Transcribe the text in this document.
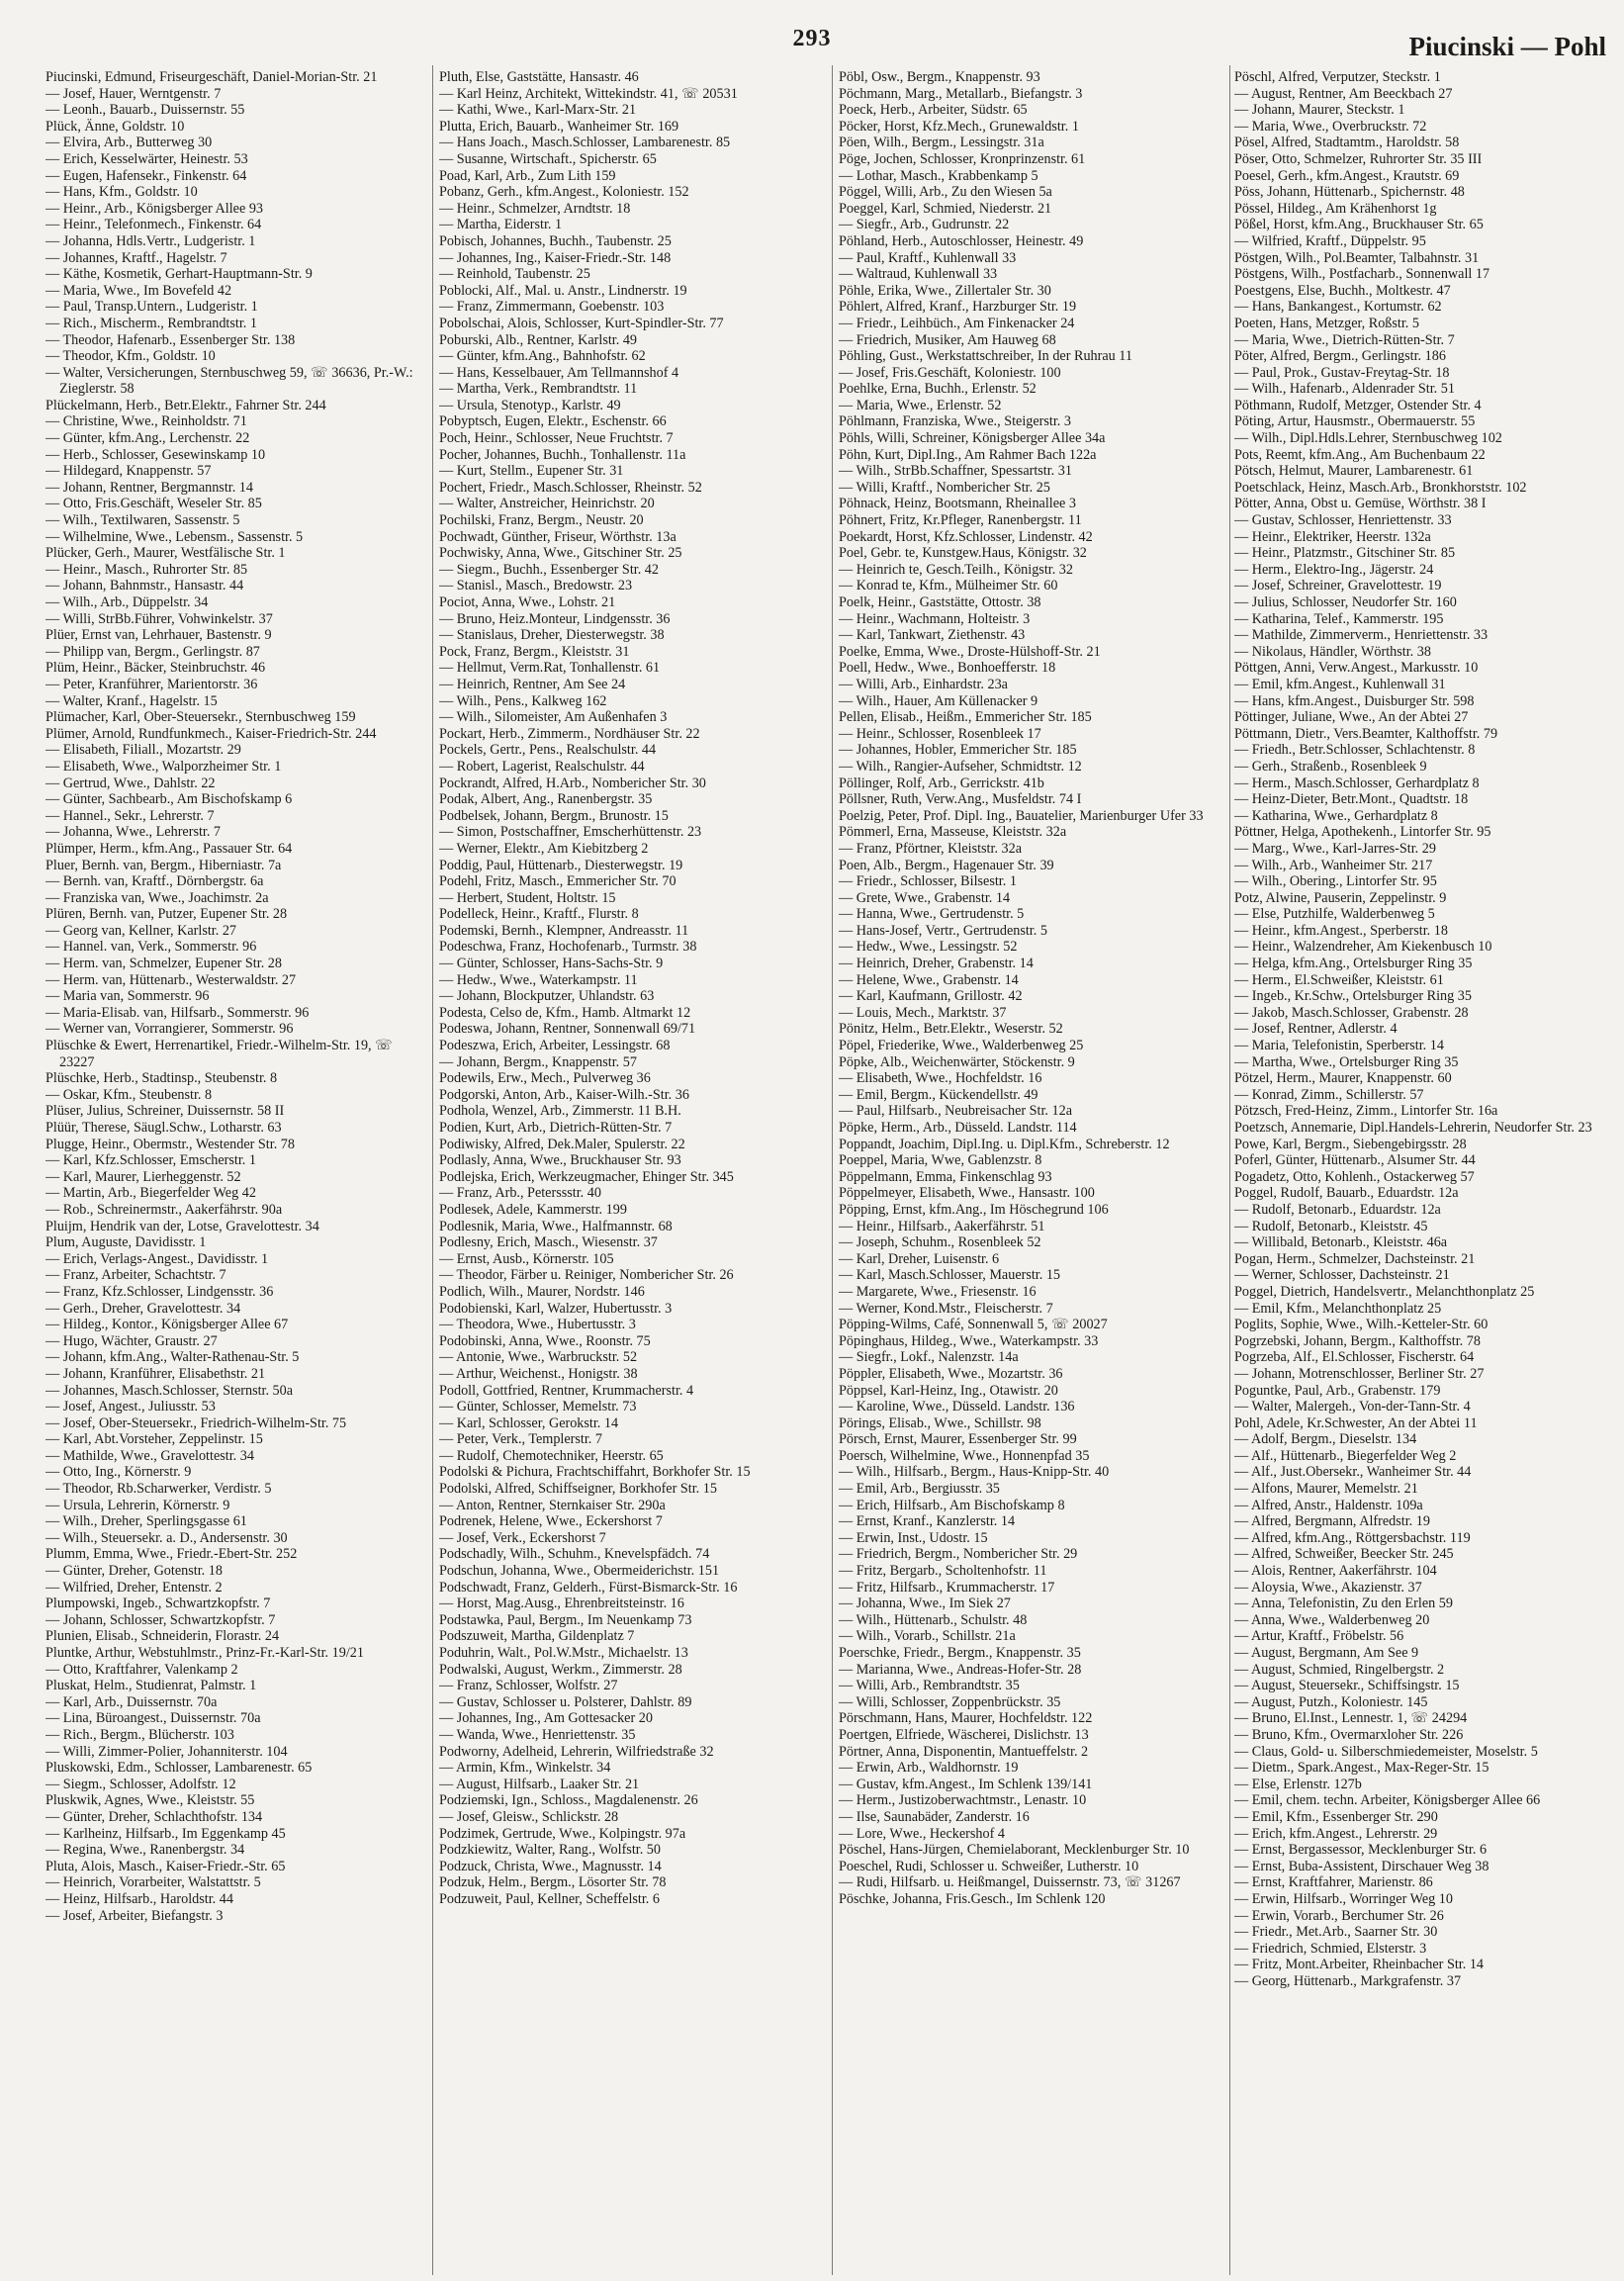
293	Piucinski — Pohl
Piucinski, Edmund, Friseurgeschäft, Daniel-Morian-Str. 21
— Josef, Hauer, Werntgenstr. 7
— Leonh., Bauarb., Duissernstr. 55
Plück, Änne, Goldstr. 10
— Elvira, Arb., Butterweg 30
— Erich, Kesselwärter, Heinestr. 53
— Eugen, Hafensekr., Finkenstr. 64
— Hans, Kfm., Goldstr. 10
— Heinr., Arb., Königsberger Allee 93
— Heinr., Telefonmech., Finkenstr. 64
— Johanna, Hdls.Vertr., Ludgeristr. 1
— Johannes, Kraftf., Hagelstr. 7
— Käthe, Kosmetik, Gerhart-Hauptmann-Str. 9
— Maria, Wwe., Im Bovefeld 42
— Paul, Transp.Untern., Ludgeristr. 1
— Rich., Mischerm., Rembrandtstr. 1
— Theodor, Hafenarb., Essenberger Str. 138
— Theodor, Kfm., Goldstr. 10
— Walter, Versicherungen, Sternbuschweg 59, ☏ 36636, Pr.-W.: Zieglerstr. 58
Plückelmann, Herb., Betr.Elektr., Fahrner Str. 244
— Christine, Wwe., Reinholdstr. 71
— Günter, kfm.Ang., Lerchenstr. 22
— Herb., Schlosser, Gesewinskamp 10
— Hildegard, Knappenstr. 57
— Johann, Rentner, Bergmannstr. 14
— Otto, Fris.Geschäft, Weseler Str. 85
— Wilh., Textilwaren, Sassenstr. 5
— Wilhelmine, Wwe., Lebensm., Sassenstr. 5
Plücker, Gerh., Maurer, Westfälische Str. 1
— Heinr., Masch., Ruhrorter Str. 85
— Johann, Bahnmstr., Hansastr. 44
— Wilh., Arb., Düppelstr. 34
— Willi, StrBb.Führer, Vohwinkelstr. 37
Plüer, Ernst van, Lehrhauer, Bastenstr. 9
— Philipp van, Bergm., Gerlingstr. 87
Plüm, Heinr., Bäcker, Steinbruchstr. 46
— Peter, Kranführer, Marientorstr. 36
— Walter, Kranf., Hagelstr. 15
Plümacher, Karl, Ober-Steuersekr., Sternbuschweg 159
Plümer, Arnold, Rundfunkmech., Kaiser-Friedrich-Str. 244
— Elisabeth, Filiall., Mozartstr. 29
— Elisabeth, Wwe., Walporzheimer Str. 1
— Gertrud, Wwe., Dahlstr. 22
— Günter, Sachbearb., Am Bischofskamp 6
— Hannel., Sekr., Lehrerstr. 7
— Johanna, Wwe., Lehrerstr. 7
Plümper, Herm., kfm.Ang., Passauer Str. 64
Pluer, Bernh. van, Bergm., Hiberniastr. 7a
— Bernh. van, Kraftf., Dörnbergstr. 6a
— Franziska van, Wwe., Joachimstr. 2a
Plüren, Bernh. van, Putzer, Eupener Str. 28
— Georg van, Kellner, Karlstr. 27
— Hannel. van, Verk., Sommerstr. 96
— Herm. van, Schmelzer, Eupener Str. 28
— Herm. van, Hüttenarb., Westerwaldstr. 27
— Maria van, Sommerstr. 96
— Maria-Elisab. van, Hilfsarb., Sommerstr. 96
— Werner van, Vorrangierer, Sommerstr. 96
Plüschke & Ewert, Herrenartikel, Friedr.-Wilhelm-Str. 19, ☏ 23227
Plüschke, Herb., Stadtinsp., Steubenstr. 8
— Oskar, Kfm., Steubenstr. 8
Plüser, Julius, Schreiner, Duissernstr. 58 II
Plüür, Therese, Säugl.Schw., Lotharstr. 63
Plugge, Heinr., Obermstr., Westender Str. 78
— Karl, Kfz.Schlosser, Emscherstr. 1
— Karl, Maurer, Lierheggenstr. 52
— Martin, Arb., Biegerfelder Weg 42
— Rob., Schreinermstr., Aakerfährstr. 90a
Pluijm, Hendrik van der, Lotse, Gravelottestr. 34
Plum, Auguste, Davidisstr. 1
— Erich, Verlags-Angest., Davidisstr. 1
— Franz, Arbeiter, Schachtstr. 7
— Franz, Kfz.Schlosser, Lindgensstr. 36
— Gerh., Dreher, Gravelottestr. 34
— Hildeg., Kontor., Königsberger Allee 67
— Hugo, Wächter, Graustr. 27
— Johann, kfm.Ang., Walter-Rathenau-Str. 5
— Johann, Kranführer, Elisabethstr. 21
— Johannes, Masch.Schlosser, Sternstr. 50a
— Josef, Angest., Juliusstr. 53
— Josef, Ober-Steuersekr., Friedrich-Wilhelm-Str. 75
— Karl, Abt.Vorsteher, Zeppelinstr. 15
— Mathilde, Wwe., Gravelottestr. 34
— Otto, Ing., Körnerstr. 9
— Theodor, Rb.Scharwerker, Verdistr. 5
— Ursula, Lehrerin, Körnerstr. 9
— Wilh., Dreher, Sperlingsgasse 61
— Wilh., Steuersekr. a. D., Andersenstr. 30
Plumm, Emma, Wwe., Friedr.-Ebert-Str. 252
— Günter, Dreher, Gotenstr. 18
— Wilfried, Dreher, Entenstr. 2
Plumpowski, Ingeb., Schwartzkopfstr. 7
— Johann, Schlosser, Schwartzkopfstr. 7
Plunien, Elisab., Schneiderin, Florastr. 24
Pluntke, Arthur, Webstuhlmstr., Prinz-Fr.-Karl-Str. 19/21
— Otto, Kraftfahrer, Valenkamp 2
Pluskat, Helm., Studienrat, Palmstr. 1
— Karl, Arb., Duissernstr. 70a
— Lina, Büroangest., Duissernstr. 70a
— Rich., Bergm., Blücherstr. 103
— Willi, Zimmer-Polier, Johanniterstr. 104
Pluskowski, Edm., Schlosser, Lambarenestr. 65
— Siegm., Schlosser, Adolfstr. 12
Pluskwik, Agnes, Wwe., Kleiststr. 55
— Günter, Dreher, Schlachthofstr. 134
— Karlheinz, Hilfsarb., Im Eggenkamp 45
— Regina, Wwe., Ranenbergstr. 34
Pluta, Alois, Masch., Kaiser-Friedr.-Str. 65
— Heinrich, Vorarbeiter, Walstattstr. 5
— Heinz, Hilfsarb., Haroldstr. 44
— Josef, Arbeiter, Biefangstr. 3
Pluth, Else, Gaststätte, Hansastr. 46
— Karl Heinz, Architekt, Wittekindstr. 41, ☏ 20531
— Kathi, Wwe., Karl-Marx-Str. 21
Plutta, Erich, Bauarb., Wanheimer Str. 169
— Hans Joach., Masch.Schlosser, Lambarenestr. 85
— Susanne, Wirtschaft., Spicherstr. 65
Poad, Karl, Arb., Zum Lith 159
Pobanz, Gerh., kfm.Angest., Koloniestr. 152
— Heinr., Schmelzer, Arndtstr. 18
— Martha, Eiderstr. 1
Pobisch, Johannes, Buchh., Taubenstr. 25
— Johannes, Ing., Kaiser-Friedr.-Str. 148
— Reinhold, Taubenstr. 25
Poblocki, Alf., Mal. u. Anstr., Lindnerstr. 19
— Franz, Zimmermann, Goebenstr. 103
Pobolschai, Alois, Schlosser, Kurt-Spindler-Str. 77
Poburski, Alb., Rentner, Karlstr. 49
— Günter, kfm.Ang., Bahnhofstr. 62
— Hans, Kesselbauer, Am Tellmannshof 4
— Martha, Verk., Rembrandtstr. 11
— Ursula, Stenotyp., Karlstr. 49
Pobyptsch, Eugen, Elektr., Eschenstr. 66
Poch, Heinr., Schlosser, Neue Fruchtstr. 7
Pocher, Johannes, Buchh., Tonhallenstr. 11a
— Kurt, Stellm., Eupener Str. 31
Pochert, Friedr., Masch.Schlosser, Rheinstr. 52
— Walter, Anstreicher, Heinrichstr. 20
Pochilski, Franz, Bergm., Neustr. 20
Pochwadt, Günther, Friseur, Wörthstr. 13a
Pochwisky, Anna, Wwe., Gitschiner Str. 25
— Siegm., Buchh., Essenberger Str. 42
— Stanisl., Masch., Bredowstr. 23
Pociot, Anna, Wwe., Lohstr. 21
— Bruno, Heiz.Monteur, Lindgensstr. 36
— Stanislaus, Dreher, Diesterwegstr. 38
Pock, Franz, Bergm., Kleiststr. 31
— Hellmut, Verm.Rat, Tonhallenstr. 61
— Heinrich, Rentner, Am See 24
— Wilh., Pens., Kalkweg 162
— Wilh., Silomeister, Am Außenhafen 3
Pockart, Herb., Zimmerm., Nordhäuser Str. 22
Pockels, Gertr., Pens., Realschulstr. 44
— Robert, Lagerist, Realschulstr. 44
Pockrandt, Alfred, H.Arb., Nombericher Str. 30
Podak, Albert, Ang., Ranenbergstr. 35
Podbelsek, Johann, Bergm., Brunostr. 15
— Simon, Postschaffner, Emscherhüttenstr. 23
— Werner, Elektr., Am Kiebitzberg 2
Poddig, Paul, Hüttenarb., Diesterwegstr. 19
Podehl, Fritz, Masch., Emmericher Str. 70
— Herbert, Student, Holtstr. 15
Podelleck, Heinr., Kraftf., Flurstr. 8
Podemski, Bernh., Klempner, Andreasstr. 11
Podeschwa, Franz, Hochofenarb., Turmstr. 38
— Günter, Schlosser, Hans-Sachs-Str. 9
— Hedw., Wwe., Waterkampstr. 11
— Johann, Blockputzer, Uhlandstr. 63
Podesta, Celso de, Kfm., Hamb. Altmarkt 12
Podeswa, Johann, Rentner, Sonnenwall 69/71
Podeszwa, Erich, Arbeiter, Lessingstr. 68
— Johann, Bergm., Knappenstr. 57
Podewils, Erw., Mech., Pulverweg 36
Podgorski, Anton, Arb., Kaiser-Wilh.-Str. 36
Podhola, Wenzel, Arb., Zimmerstr. 11 B.H.
Podien, Kurt, Arb., Dietrich-Rütten-Str. 7
Podiwisky, Alfred, Dek.Maler, Spulerstr. 22
Podlasly, Anna, Wwe., Bruckhauser Str. 93
Podlejska, Erich, Werkzeugmacher, Ehinger Str. 345
— Franz, Arb., Peterssstr. 40
Podlesek, Adele, Kammerstr. 199
Podlesnik, Maria, Wwe., Halfmannstr. 68
Podlesny, Erich, Masch., Wiesenstr. 37
— Ernst, Ausb., Körnerstr. 105
— Theodor, Färber u. Reiniger, Nombericher Str. 26
Podlich, Wilh., Maurer, Nordstr. 146
Podobienski, Karl, Walzer, Hubertusstr. 3
— Theodora, Wwe., Hubertusstr. 3
Podobinski, Anna, Wwe., Roonstr. 75
— Antonie, Wwe., Warbruckstr. 52
— Arthur, Weichenst., Honigstr. 38
Podoll, Gottfried, Rentner, Krummacherstr. 4
— Günter, Schlosser, Memelstr. 73
— Karl, Schlosser, Gerokstr. 14
— Peter, Verk., Templerstr. 7
— Rudolf, Chemotechniker, Heerstr. 65
Podolski & Pichura, Frachtschiffahrt, Borkhofer Str. 15
Podolski, Alfred, Schiffseigner, Borkhofer Str. 15
— Anton, Rentner, Sternkaiser Str. 290a
Podrenek, Helene, Wwe., Eckershorst 7
— Josef, Verk., Eckershorst 7
Podschadly, Wilh., Schuhm., Knevelspfädch. 74
Podschun, Johanna, Wwe., Obermeiderichstr. 151
Podschwadt, Franz, Gelderh., Fürst-Bismarck-Str. 16
— Horst, Mag.Ausg., Ehrenbreitsteinstr. 16
Podstawka, Paul, Bergm., Im Neuenkamp 73
Podszuweit, Martha, Gildenplatz 7
Poduhrin, Walt., Pol.W.Mstr., Michaelstr. 13
Podwalski, August, Werkm., Zimmerstr. 28
— Franz, Schlosser, Wolfstr. 27
— Gustav, Schlosser u. Polsterer, Dahlstr. 89
— Johannes, Ing., Am Gottesacker 20
— Wanda, Wwe., Henriettenstr. 35
Podworny, Adelheid, Lehrerin, Wilfriedstraße 32
— Armin, Kfm., Winkelstr. 34
— August, Hilfsarb., Laaker Str. 21
Podziemski, Ign., Schloss., Magdalenenstr. 26
— Josef, Gleisw., Schlickstr. 28
Podzimek, Gertrude, Wwe., Kolpingstr. 97a
Podzkiewitz, Walter, Rang., Wolfstr. 50
Podzuck, Christa, Wwe., Magnusstr. 14
Podzuk, Helm., Bergm., Lösorter Str. 78
Podzuweit, Paul, Kellner, Scheffelstr. 6
Pöbl, Osw., Bergm., Knappenstr. 93
Pöchmann, Marg., Metallarb., Biefangstr. 3
Poeck, Herb., Arbeiter, Südstr. 65
Pöcker, Horst, Kfz.Mech., Grunewaldstr. 1
Pöen, Wilh., Bergm., Lessingstr. 31a
Pöge, Jochen, Schlosser, Kronprinzenstr. 61
— Lothar, Masch., Krabbenkamp 5
Pöggel, Willi, Arb., Zu den Wiesen 5a
Poeggel, Karl, Schmied, Niederstr. 21
— Siegfr., Arb., Gudrunstr. 22
Pöhland, Herb., Autoschlosser, Heinestr. 49
— Paul, Kraftf., Kuhlenwall 33
— Waltraud, Kuhlenwall 33
Pöhle, Erika, Wwe., Zillertaler Str. 30
Pöhlert, Alfred, Kranf., Harzburger Str. 19
— Friedr., Leihbüch., Am Finkenacker 24
— Friedrich, Musiker, Am Hauweg 68
Pöhling, Gust., Werkstattschreiber, In der Ruhrau 11
— Josef, Fris.Geschäft, Koloniestr. 100
Poehlke, Erna, Buchh., Erlenstr. 52
— Maria, Wwe., Erlenstr. 52
Pöhlmann, Franziska, Wwe., Steigerstr. 3
Pöhls, Willi, Schreiner, Königsberger Allee 34a
Pöhn, Kurt, Dipl.Ing., Am Rahmer Bach 122a
— Wilh., StrBb.Schaffner, Spessartstr. 31
— Willi, Kraftf., Nombericher Str. 25
Pöhnack, Heinz, Bootsmann, Rheinallee 3
Pöhnert, Fritz, Kr.Pfleger, Ranenbergstr. 11
Poekardt, Horst, Kfz.Schlosser, Lindenstr. 42
Poel, Gebr. te, Kunstgew.Haus, Königstr. 32
— Heinrich te, Gesch.Teilh., Königstr. 32
— Konrad te, Kfm., Mülheimer Str. 60
Poelk, Heinr., Gaststätte, Ottostr. 38
— Heinr., Wachmann, Holteistr. 3
— Karl, Tankwart, Ziethenstr. 43
Poelke, Emma, Wwe., Droste-Hülshoff-Str. 21
Poell, Hedw., Wwe., Bonhoefferstr. 18
— Willi, Arb., Einhardstr. 23a
— Wilh., Hauer, Am Küllenacker 9
Pellen, Elisab., Heißm., Emmericher Str. 185
— Heinr., Schlosser, Rosenbleek 17
— Johannes, Hobler, Emmericher Str. 185
— Wilh., Rangier-Aufseher, Schmidtstr. 12
Pöllinger, Rolf, Arb., Gerrickstr. 41b
Pöllsner, Ruth, Verw.Ang., Musfeldstr. 74 I
Poelzig, Peter, Prof. Dipl. Ing., Bauatelier, Marienburger Ufer 33
Pömmerl, Erna, Masseuse, Kleiststr. 32a
— Franz, Pförtner, Kleiststr. 32a
Poen, Alb., Bergm., Hagenauer Str. 39
— Friedr., Schlosser, Bilsestr. 1
— Grete, Wwe., Grabenstr. 14
— Hanna, Wwe., Gertrudenstr. 5
— Hans-Josef, Vertr., Gertrudenstr. 5
— Hedw., Wwe., Lessingstr. 52
— Heinrich, Dreher, Grabenstr. 14
— Helene, Wwe., Grabenstr. 14
— Karl, Kaufmann, Grillostr. 42
— Louis, Mech., Marktstr. 37
Pönitz, Helm., Betr.Elektr., Weserstr. 52
Pöpel, Friederike, Wwe., Walderbenweg 25
Pöpke, Alb., Weichenwärter, Stöckenstr. 9
— Elisabeth, Wwe., Hochfeldstr. 16
— Emil, Bergm., Kückendellstr. 49
— Paul, Hilfsarb., Neubreisacher Str. 12a
Pöpke, Herm., Arb., Düsseld. Landstr. 114
Poppandt, Joachim, Dipl.Ing. u. Dipl.Kfm., Schreberstr. 12
Poeppel, Maria, Wwe, Gablenzstr. 8
Pöppelmann, Emma, Finkenschlag 93
Pöppelmeyer, Elisabeth, Wwe., Hansastr. 100
Pöpping, Ernst, kfm.Ang., Im Höschegrund 106
— Heinr., Hilfsarb., Aakerfährstr. 51
— Joseph, Schuhm., Rosenbleek 52
— Karl, Dreher, Luisenstr. 6
— Karl, Masch.Schlosser, Mauerstr. 15
— Margarete, Wwe., Friesenstr. 16
— Werner, Kond.Mstr., Fleischerstr. 7
Pöpping-Wilms, Café, Sonnenwall 5, ☏ 20027
Pöpinghaus, Hildeg., Wwe., Waterkampstr. 33
— Siegfr., Lokf., Nalenzstr. 14a
Pöppler, Elisabeth, Wwe., Mozartstr. 36
Pöppsel, Karl-Heinz, Ing., Otawistr. 20
— Karoline, Wwe., Düsseld. Landstr. 136
Pörings, Elisab., Wwe., Schillstr. 98
Pörsch, Ernst, Maurer, Essenberger Str. 99
Poersch, Wilhelmine, Wwe., Honnenpfad 35
— Wilh., Hilfsarb., Bergm., Haus-Knipp-Str. 40
— Emil, Arb., Bergiusstr. 35
— Erich, Hilfsarb., Am Bischofskamp 8
— Ernst, Kranf., Kanzlerstr. 14
— Erwin, Inst., Udostr. 15
— Friedrich, Bergm., Nombericher Str. 29
— Fritz, Bergarb., Scholtenhofstr. 11
— Fritz, Hilfsarb., Krummacherstr. 17
— Johanna, Wwe., Im Siek 27
— Wilh., Hüttenarb., Schulstr. 48
— Wilh., Vorarb., Schillstr. 21a
Poerschke, Friedr., Bergm., Knappenstr. 35
— Marianna, Wwe., Andreas-Hofer-Str. 28
— Willi, Arb., Rembrandtstr. 35
— Willi, Schlosser, Zoppenbrückstr. 35
Pörschmann, Hans, Maurer, Hochfeldstr. 122
Poertgen, Elfriede, Wäscherei, Dislichstr. 13
Pörtner, Anna, Disponentin, Mantueffelstr. 2
— Erwin, Arb., Waldhornstr. 19
— Gustav, kfm.Angest., Im Schlenk 139/141
— Herm., Justizoberwachtmstr., Lenastr. 10
— Ilse, Saunabäder, Zanderstr. 16
— Lore, Wwe., Heckershof 4
Pöschel, Hans-Jürgen, Chemielaborant, Mecklenburger Str. 10
Poeschel, Rudi, Schlosser u. Schweißer, Lutherstr. 10
— Rudi, Hilfsarb. u. Heißmangel, Duissernstr. 73, ☏ 31267
Pöschke, Johanna, Fris.Gesch., Im Schlenk 120
Pöschl, Alfred, Verputzer, Steckstr. 1
— August, Rentner, Am Beeckbach 27
— Johann, Maurer, Steckstr. 1
— Maria, Wwe., Overbruckstr. 72
Pösel, Alfred, Stadtamtm., Haroldstr. 58
Pöser, Otto, Schmelzer, Ruhrorter Str. 35 III
Poesel, Gerh., kfm.Angest., Krautstr. 69
Pöss, Johann, Hüttenarb., Spichernstr. 48
Pössel, Hildeg., Am Krähenhorst 1g
Pößel, Horst, kfm.Ang., Bruckhauser Str. 65
— Wilfried, Kraftf., Düppelstr. 95
Pöstgen, Wilh., Pol.Beamter, Talbahnstr. 31
Pöstgens, Wilh., Postfacharb., Sonnenwall 17
Poestgens, Else, Buchh., Moltkestr. 47
— Hans, Bankangest., Kortumstr. 62
Poeten, Hans, Metzger, Roßstr. 5
— Maria, Wwe., Dietrich-Rütten-Str. 7
Pöter, Alfred, Bergm., Gerlingstr. 186
— Paul, Prok., Gustav-Freytag-Str. 18
— Wilh., Hafenarb., Aldenrader Str. 51
Pöthmann, Rudolf, Metzger, Ostender Str. 4
Pöting, Artur, Hausmstr., Obermauerstr. 55
— Wilh., Dipl.Hdls.Lehrer, Sternbuschweg 102
Pots, Reemt, kfm.Ang., Am Buchenbaum 22
Pötsch, Helmut, Maurer, Lambarenestr. 61
Poetschlack, Heinz, Masch.Arb., Bronkhorststr. 102
Pötter, Anna, Obst u. Gemüse, Wörthstr. 38 I
— Gustav, Schlosser, Henriettenstr. 33
— Heinr., Elektriker, Heerstr. 132a
— Heinr., Platzmstr., Gitschiner Str. 85
— Herm., Elektro-Ing., Jägerstr. 24
— Josef, Schreiner, Gravelottestr. 19
— Julius, Schlosser, Neudorfer Str. 160
— Katharina, Telef., Kammerstr. 195
— Mathilde, Zimmerverm., Henriettenstr. 33
— Nikolaus, Händler, Wörthstr. 38
Pöttgen, Anni, Verw.Angest., Markusstr. 10
— Emil, kfm.Angest., Kuhlenwall 31
— Hans, kfm.Angest., Duisburger Str. 598
Pöttinger, Juliane, Wwe., An der Abtei 27
Pöttmann, Dietr., Vers.Beamter, Kalthoffstr. 79
— Friedh., Betr.Schlosser, Schlachtenstr. 8
— Gerh., Straßenb., Rosenbleek 9
— Herm., Masch.Schlosser, Gerhardplatz 8
— Heinz-Dieter, Betr.Mont., Quadtstr. 18
— Katharina, Wwe., Gerhardplatz 8
Pöttner, Helga, Apothekenh., Lintorfer Str. 95
— Marg., Wwe., Karl-Jarres-Str. 29
— Wilh., Arb., Wanheimer Str. 217
— Wilh., Obering., Lintorfer Str. 95
Potz, Alwine, Pauserin, Zeppelinstr. 9
— Else, Putzhilfe, Walderbenweg 5
— Heinr., kfm.Angest., Sperberstr. 18
— Heinr., Walzendreher, Am Kiekenbusch 10
— Helga, kfm.Ang., Ortelsburger Ring 35
— Herm., El.Schweißer, Kleiststr. 61
— Ingeb., Kr.Schw., Ortelsburger Ring 35
— Jakob, Masch.Schlosser, Grabenstr. 28
— Josef, Rentner, Adlerstr. 4
— Maria, Telefonistin, Sperberstr. 14
— Martha, Wwe., Ortelsburger Ring 35
Pötzel, Herm., Maurer, Knappenstr. 60
— Konrad, Zimm., Schillerstr. 57
Pötzsch, Fred-Heinz, Zimm., Lintorfer Str. 16a
Poetzsch, Annemarie, Dipl.Handels-Lehrerin, Neudorfer Str. 23
Powe, Karl, Bergm., Siebengebirgsstr. 28
Poferl, Günter, Hüttenarb., Alsumer Str. 44
Pogadetz, Otto, Kohlenh., Ostackerweg 57
Poggel, Rudolf, Bauarb., Eduardstr. 12a
— Rudolf, Betonarb., Eduardstr. 12a
— Rudolf, Betonarb., Kleiststr. 45
— Willibald, Betonarb., Kleiststr. 46a
Pogan, Herm., Schmelzer, Dachsteinstr. 21
— Werner, Schlosser, Dachsteinstr. 21
Poggel, Dietrich, Handelsvertr., Melanchthonplatz 25
— Emil, Kfm., Melanchthonplatz 25
Poglits, Sophie, Wwe., Wilh.-Ketteler-Str. 60
Pogrzebski, Johann, Bergm., Kalthoffstr. 78
Pogrzeba, Alf., El.Schlosser, Fischerstr. 64
— Johann, Motrenschlosser, Berliner Str. 27
Poguntke, Paul, Arb., Grabenstr. 179
— Walter, Malergeh., Von-der-Tann-Str. 4
Pohl, Adele, Kr.Schwester, An der Abtei 11
— Adolf, Bergm., Dieselstr. 134
— Alf., Hüttenarb., Biegerfelder Weg 2
— Alf., Just.Obersekr., Wanheimer Str. 44
— Alfons, Maurer, Memelstr. 21
— Alfred, Anstr., Haldenstr. 109a
— Alfred, Bergmann, Alfredstr. 19
— Alfred, kfm.Ang., Röttgersbachstr. 119
— Alfred, Schweißer, Beecker Str. 245
— Alois, Rentner, Aakerfährstr. 104
— Aloysia, Wwe., Akazienstr. 37
— Anna, Telefonistin, Zu den Erlen 59
— Anna, Wwe., Walderbenweg 20
— Artur, Kraftf., Fröbelstr. 56
— August, Bergmann, Am See 9
— August, Schmied, Ringelbergstr. 2
— August, Steuersekr., Schiffsingstr. 15
— August, Putzh., Koloniestr. 145
— Bruno, El.Inst., Lennestr. 1, ☏ 24294
— Bruno, Kfm., Overmarxloher Str. 226
— Claus, Gold- u. Silberschmiedemeister, Moselstr. 5
— Dietm., Spark.Angest., Max-Reger-Str. 15
— Else, Erlenstr. 127b
— Emil, chem. techn. Arbeiter, Königsberger Allee 66
— Emil, Kfm., Essenberger Str. 290
— Erich, kfm.Angest., Lehrerstr. 29
— Ernst, Bergassessor, Mecklenburger Str. 6
— Ernst, Buba-Assistent, Dirschauer Weg 38
— Ernst, Kraftfahrer, Marienstr. 86
— Erwin, Hilfsarb., Worringer Weg 10
— Erwin, Vorarb., Berchumer Str. 26
— Friedr., Met.Arb., Saarner Str. 30
— Friedrich, Schmied, Elsterstr. 3
— Fritz, Mont.Arbeiter, Rheinbacher Str. 14
— Georg, Hüttenarb., Markgrafenstr. 37
